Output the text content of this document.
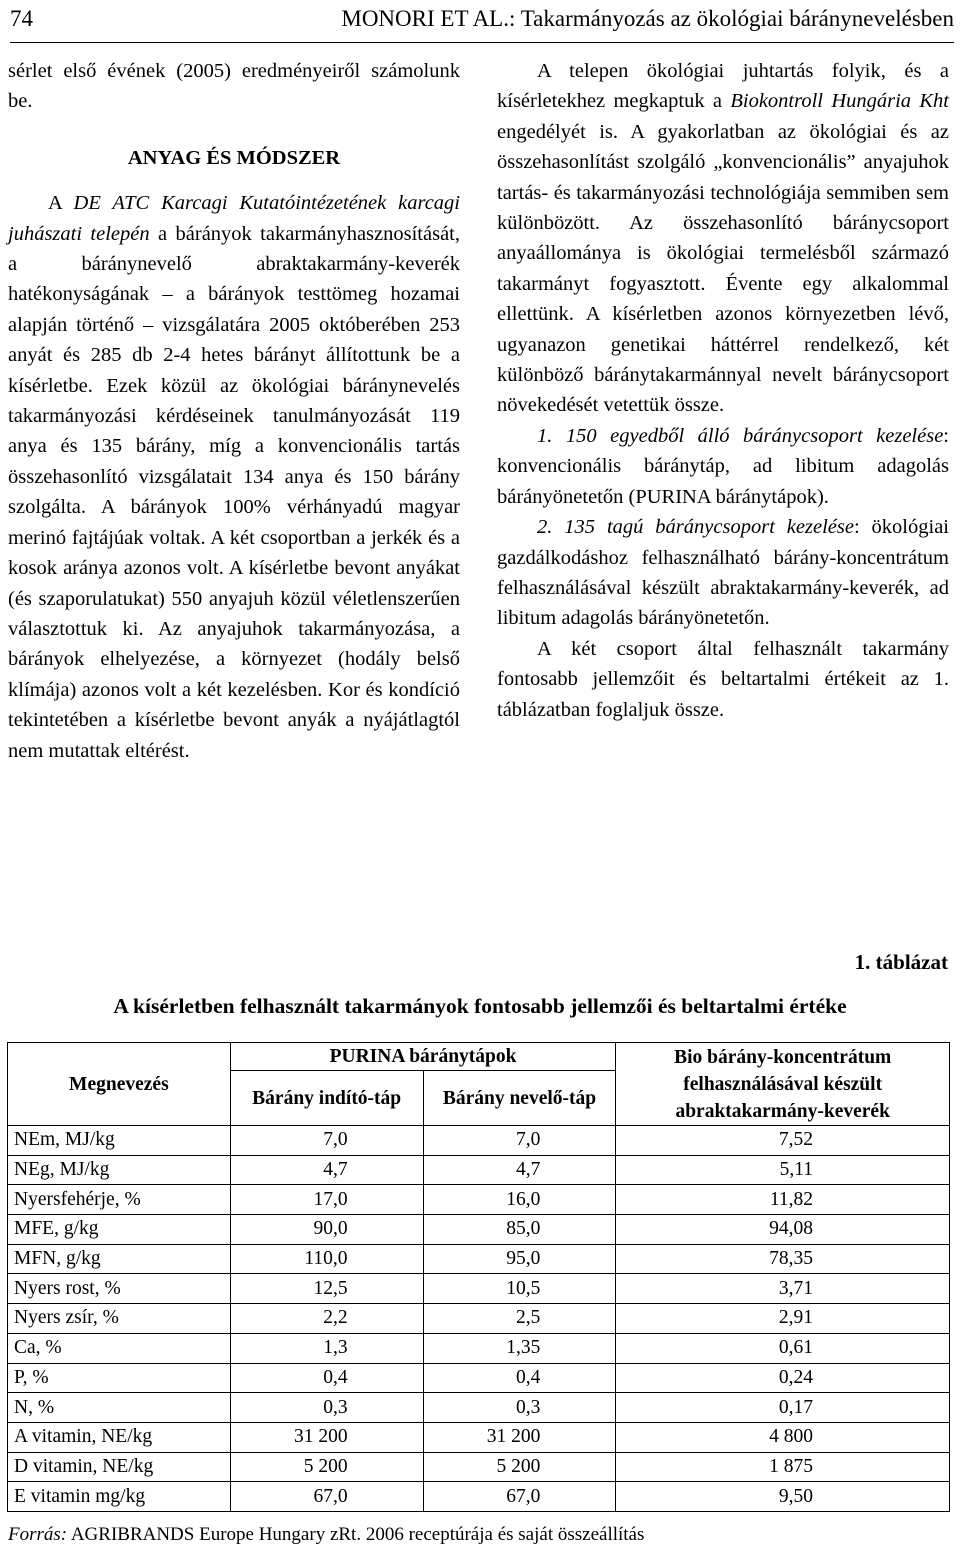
74	MONORI ET AL.: Takarmányozás az ökológiai báránynevelésben

sérlet első évének (2005) eredményeiről számolunk be.

ANYAG ÉS MÓDSZER

A DE ATC Karcagi Kutatóintézetének karcagi juhászati telepén a bárányok takarmányhasznosítását, a báránynevelő abraktakarmány-keverék hatékonyságának – a bárányok testtömeg hozamai alapján történő – vizsgálatára 2005 októberében 253 anyát és 285 db 2-4 hetes bárányt állítottunk be a kísérletbe. Ezek közül az ökológiai báránynevelés takarmányozási kérdéseinek tanulmányozását 119 anya és 135 bárány, míg a konvencionális tartás összehasonlító vizsgálatait 134 anya és 150 bárány szolgálta. A bárányok 100% vérhányadú magyar merinó fajtájúak voltak. A két csoportban a jerkék és a kosok aránya azonos volt. A kísérletbe bevont anyákat (és szaporulatukat) 550 anyajuh közül véletlenszerűen választottuk ki. Az anyajuhok takarmányozása, a bárányok elhelyezése, a környezet (hodály belső klímája) azonos volt a két kezelésben. Kor és kondíció tekintetében a kísérletbe bevont anyák a nyájátlagtól nem mutattak eltérést.

A telepen ökológiai juhtartás folyik, és a kísérletekhez megkaptuk a Biokontroll Hungária Kht engedélyét is. A gyakorlatban az ökológiai és az összehasonlítást szolgáló „konvencionális” anyajuhok tartás- és takarmányozási technológiája semmiben sem különbözött. Az összehasonlító báránycsoport anyaállománya is ökológiai termelésből származó takarmányt fogyasztott. Évente egy alkalommal ellettünk. A kísérletben azonos környezetben lévő, ugyanazon genetikai háttérrel rendelkező, két különböző báránytakarmánnyal nevelt báránycsoport növekedését vetettük össze.

1. 150 egyedből álló báránycsoport kezelése: konvencionális báránytáp, ad libitum adagolás bárányönetetőn (PURINA báránytápok).

2. 135 tagú báránycsoport kezelése: ökológiai gazdálkodáshoz felhasználható bárány-koncentrátum felhasználásával készült abraktakarmány-keverék, ad libitum adagolás bárányönetetőn.

A két csoport által felhasznált takarmány fontosabb jellemzőit és beltartalmi értékeit az 1. táblázatban foglaljuk össze.

1. táblázat
A kísérletben felhasznált takarmányok fontosabb jellemzői és beltartalmi értéke
Megnevezés	PURINA báránytápok		Bio bárány-koncentrátum felhasználásával készült abraktakarmány-keverék
	Bárány indító-táp	Bárány nevelő-táp	
NEm, MJ/kg	7,0	7,0	7,52
NEg, MJ/kg	4,7	4,7	5,11
Nyersfehérje, %	17,0	16,0	11,82
MFE, g/kg	90,0	85,0	94,08
MFN, g/kg	110,0	95,0	78,35
Nyers rost, %	12,5	10,5	3,71
Nyers zsír, %	2,2	2,5	2,91
Ca, %	1,3	1,35	0,61
P, %	0,4	0,4	0,24
N, %	0,3	0,3	0,17
A vitamin, NE/kg	31 200	31 200	4 800
D vitamin, NE/kg	5 200	5 200	1 875
E vitamin mg/kg	67,0	67,0	9,50
Forrás: AGRIBRANDS Europe Hungary zRt. 2006 receptúrája és saját összeállítás
